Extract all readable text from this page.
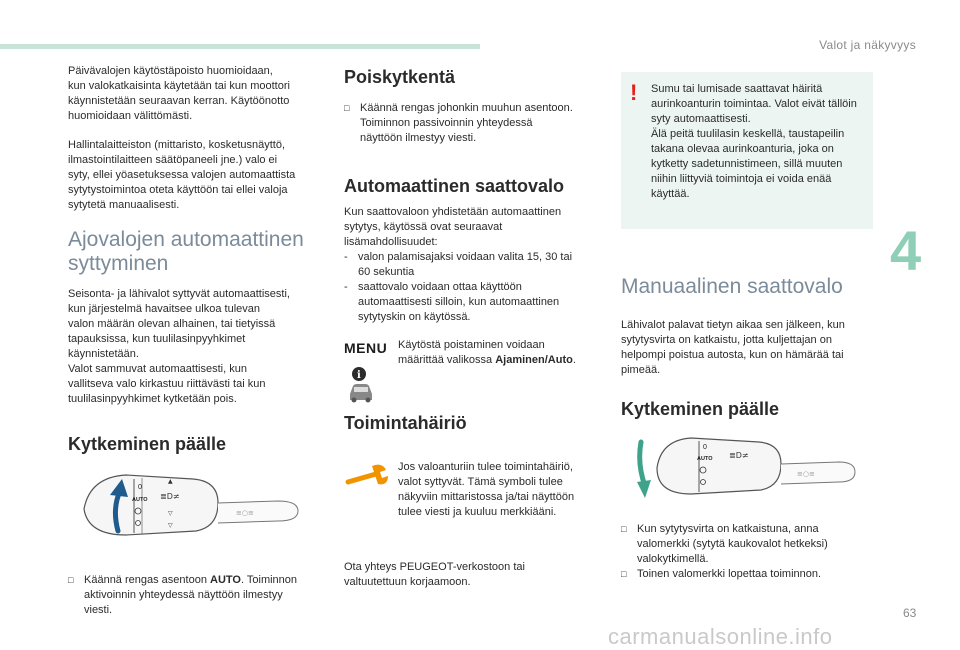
Valot ja näkyvyys
4
63
carmanualsonline.info

Päivävalojen käytöstäpoisto huomioidaan,
kun valokatkaisinta käytetään tai kun moottori
käynnistetään seuraavan kerran. Käytöönotto
huomioidaan välittömästi.

Hallintalaitteiston (mittaristo, kosketusnäyttö,
ilmastointilaitteen säätöpaneeli jne.) valo ei
syty, ellei yöasetuksessa valojen automaattista
sytytystoimintoa oteta käyttöön tai ellei valoja
sytytetä manuaalisesti.

Ajovalojen automaattinen
syttyminen

Seisonta- ja lähivalot syttyvät automaattisesti,
kun järjestelmä havaitsee ulkoa tulevan
valon määrän olevan alhainen, tai tietyissä
tapauksissa, kun tuulilasinpyyhkimet
käynnistetään.
Valot sammuvat automaattisesti, kun
vallitseva valo kirkastuu riittävästi tai kun
tuulilasinpyyhkimet kytketään pois.

Kytkeminen päälle
0
AUTO ≣D≠
▲
▽
▽
≡○≡
□ Käännä rengas asentoon AUTO. Toiminnon
aktivoinnin yhteydessä näyttöön ilmestyy
viesti.
Poiskytkentä
□ Käännä rengas johonkin muuhun asentoon.
Toiminnon passivoinnin yhteydessä
näyttöön ilmestyy viesti.
Automaattinen saattovalo

Kun saattovaloon yhdistetään automaattinen
sytytys, käytössä ovat seuraavat
lisämahdollisuudet:

- valon palamisajaksi voidaan valita 15, 30 tai
60 sekuntia
- saattovalo voidaan ottaa käyttöön
automaattisesti silloin, kun automaattinen
sytytyskin on käytössä.
MENU Käytöstä poistaminen voidaan
määrittää valikossa Ajaminen/Auto.

i
Toimintahäiriö

Jos valoanturiin tulee toimintahäiriö,
valot syttyvät. Tämä symboli tulee
näkyviin mittaristossa ja/tai näyttöön
tulee viesti ja kuuluu merkkiääni.

Ota yhteys PEUGEOT-verkostoon tai
valtuutettuun korjaamoon.

! Sumu tai lumisade saattavat häiritä
aurinkoanturin toimintaa. Valot eivät tällöin
syty automaattisesti.
Älä peitä tuulilasin keskellä, taustapeilin
takana olevaa aurinkoanturia, joka on
kytketty sadetunnistimeen, sillä muuten
niihin liittyviä toimintoja ei voida enää
käyttää.

Manuaalinen saattovalo

Lähivalot palavat tietyn aikaa sen jälkeen, kun
sytytysvirta on katkaistu, jotta kuljettajan on
helpompi poistua autosta, kun on hämärää tai
pimeää.

Kytkeminen päälle
0
AUTO ≣D≠
≡○≡
□ Kun sytytysvirta on katkaistuna, anna
valomerkki (sytytä kaukovalot hetkeksi)
valokytkimellä.
□ Toinen valomerkki lopettaa toiminnon.
